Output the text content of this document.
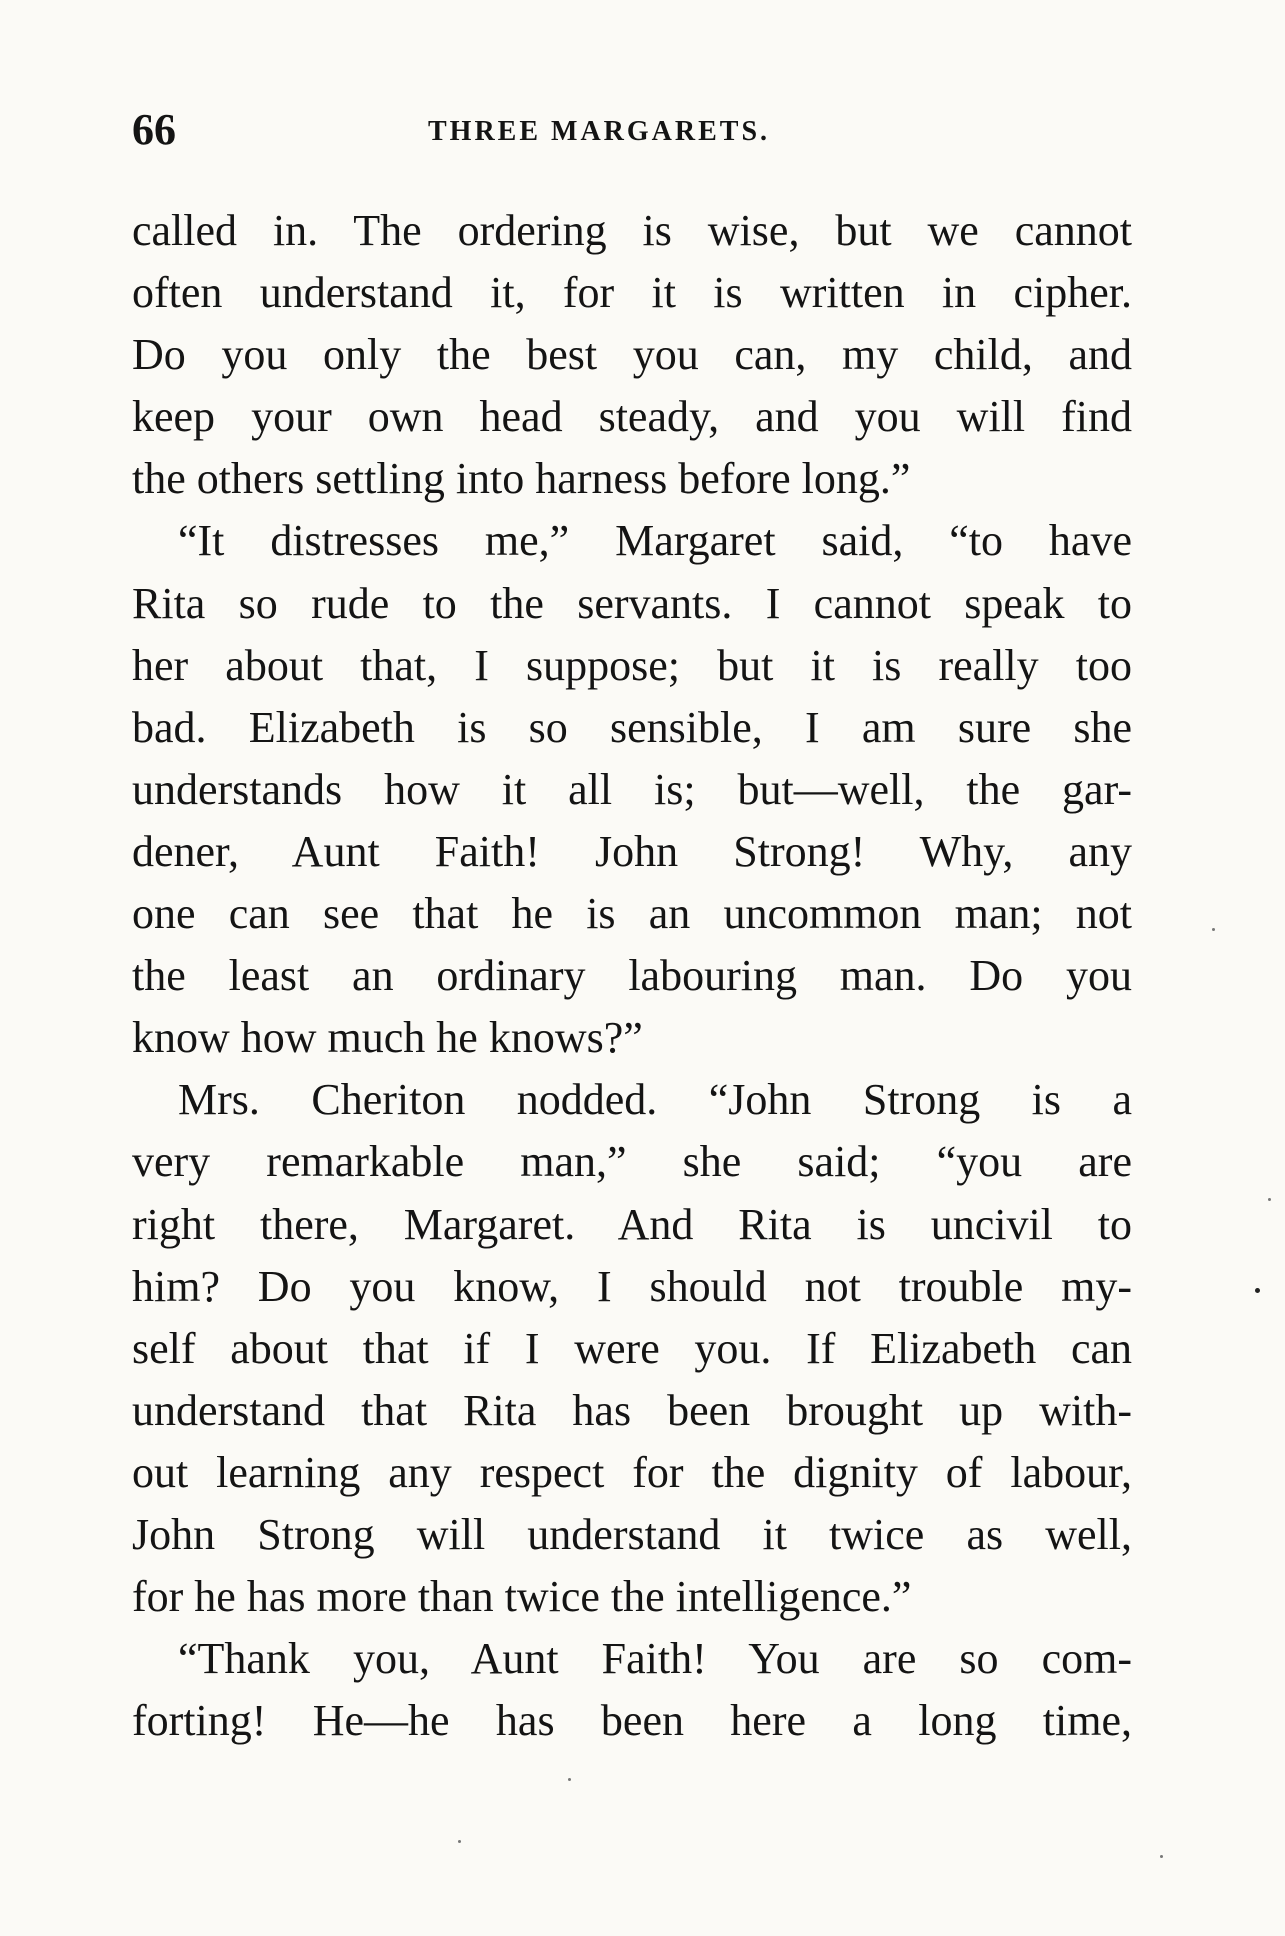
66	THREE MARGARETS.
called in. The ordering is wise, but we cannot
often understand it, for it is written in cipher.
Do you only the best you can, my child, and
keep your own head steady, and you will find
the others settling into harness before long.”
“It distresses me,” Margaret said, “to have
Rita so rude to the servants. I cannot speak to
her about that, I suppose; but it is really too
bad. Elizabeth is so sensible, I am sure she
understands how it all is; but—well, the gar-
dener, Aunt Faith! John Strong! Why, any
one can see that he is an uncommon man; not
the least an ordinary labouring man. Do you
know how much he knows?”
Mrs. Cheriton nodded. “John Strong is a
very remarkable man,” she said; “you are
right there, Margaret. And Rita is uncivil to
him? Do you know, I should not trouble my-
self about that if I were you. If Elizabeth can
understand that Rita has been brought up with-
out learning any respect for the dignity of labour,
John Strong will understand it twice as well,
for he has more than twice the intelligence.”
“Thank you, Aunt Faith! You are so com-
forting! He—he has been here a long time,
